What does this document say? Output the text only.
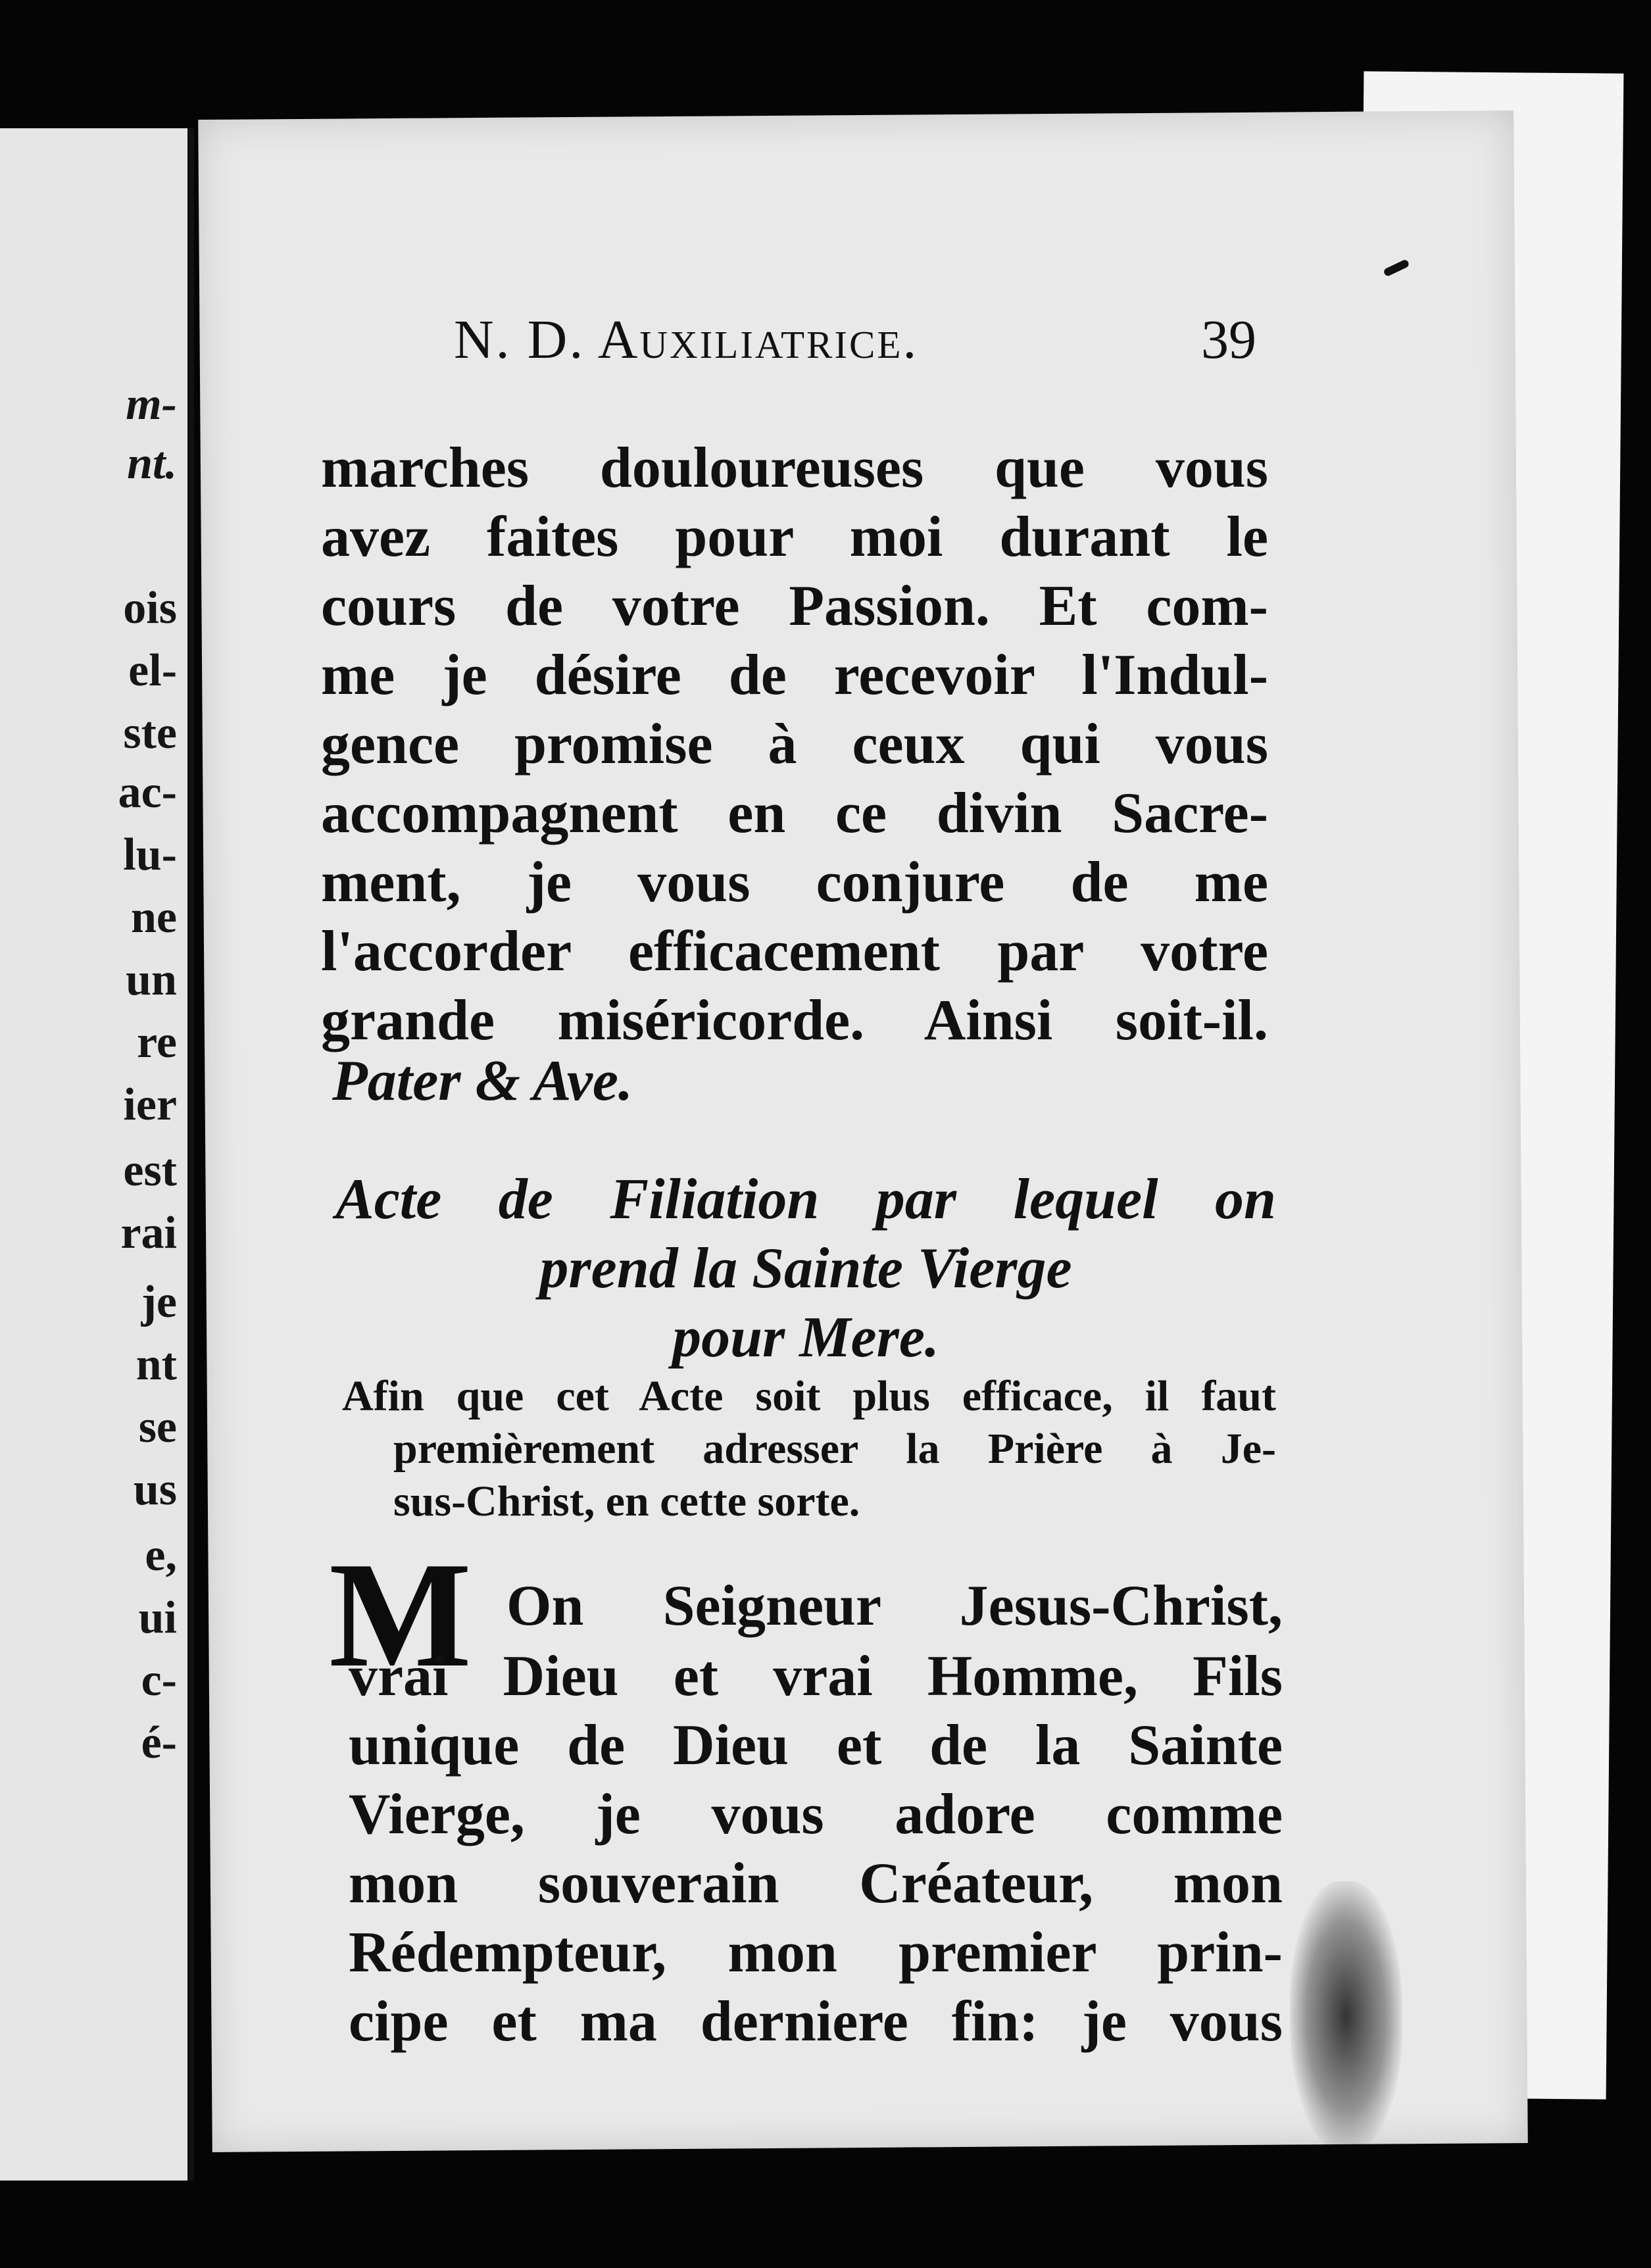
m-

nt.

ois

el-

ste

ac-

lu-

ne

un

re

ier

est

rai

je

nt

se

us

e,

ui

c-

é-

N. D. Auxiliatrice.	39

marches douloureuses que vous

avez faites pour moi durant le

cours de votre Passion. Et com-

me je désire de recevoir l'Indul-

gence promise à ceux qui vous

accompagnent en ce divin Sacre-

ment, je vous conjure de me

l'accorder efficacement par votre

grande miséricorde. Ainsi soit-il.

Pater & Ave.

Acte de Filiation par lequel on

prend la Sainte Vierge

pour Mere.

Afin que cet Acte soit plus efficace, il faut

premièrement adresser la Prière à Je-

sus-Christ, en cette sorte.

M On Seigneur Jesus-Christ,

vrai Dieu et vrai Homme, Fils

unique de Dieu et de la Sainte

Vierge, je vous adore comme

mon souverain Créateur, mon

Rédempteur, mon premier prin-

cipe et ma derniere fin: je vous
